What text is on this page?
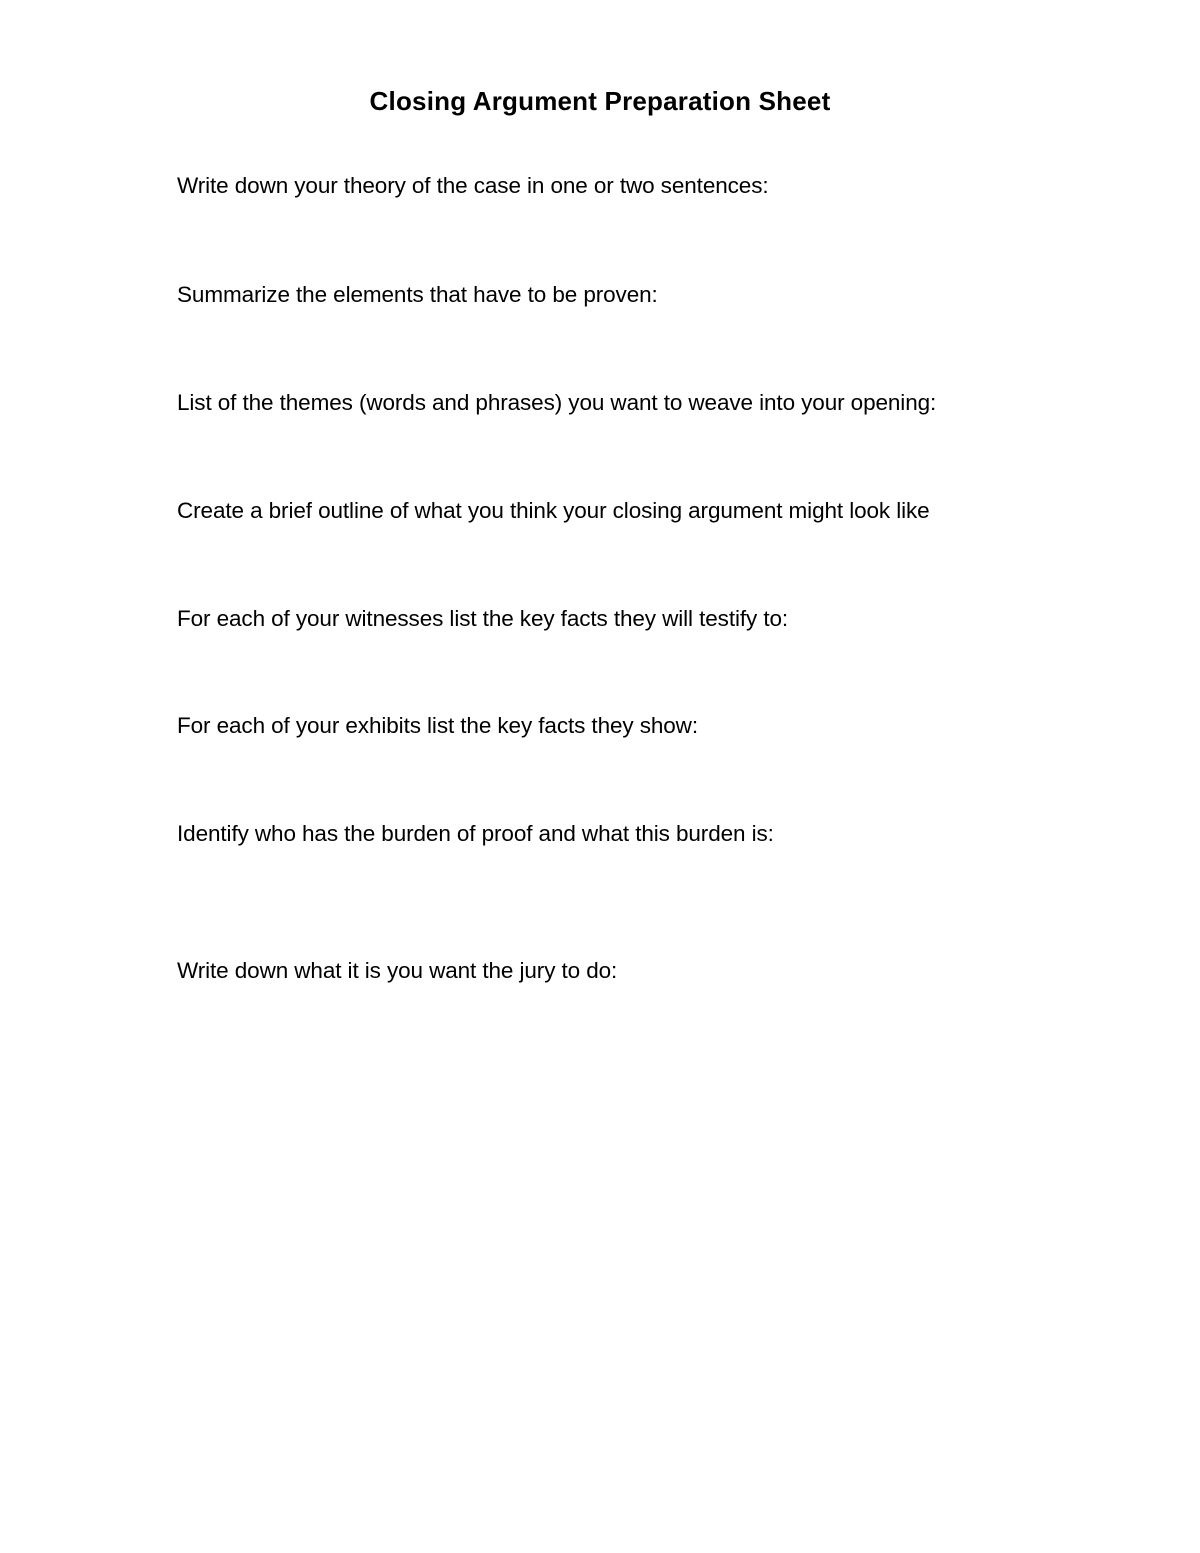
Closing Argument Preparation Sheet
Write down your theory of the case in one or two sentences:
Summarize the elements that have to be proven:
List of the themes (words and phrases) you want to weave into your opening:
Create a brief outline of what you think your closing argument might look like
For each of your witnesses list the key facts they will testify to:
For each of your exhibits list the key facts they show:
Identify who has the burden of proof and what this burden is:
Write down what it is you want the jury to do:
